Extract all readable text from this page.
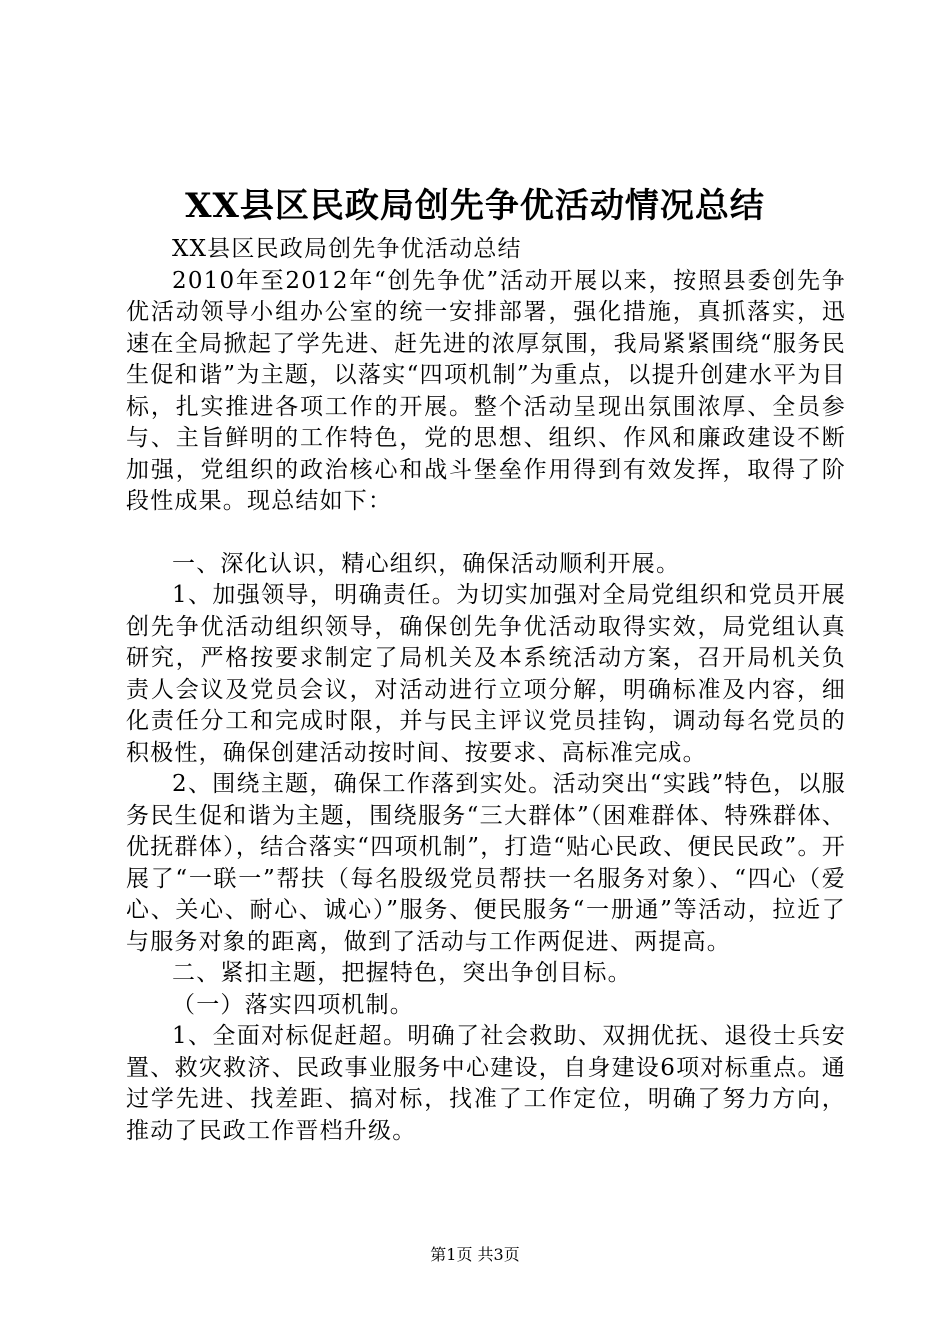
XX县区民政局创先争优活动情况总结

XX县区民政局创先争优活动总结

2010年至2012年“创先争优”活动开展以来，按照县委创先争优活动领导小组办公室的统一安排部署，强化措施，真抓落实，迅速在全局掀起了学先进、赶先进的浓厚氛围，我局紧紧围绕“服务民生促和谐”为主题，以落实“四项机制”为重点，以提升创建水平为目标，扎实推进各项工作的开展。整个活动呈现出氛围浓厚、全员参与、主旨鲜明的工作特色，党的思想、组织、作风和廉政建设不断加强，党组织的政治核心和战斗堡垒作用得到有效发挥，取得了阶段性成果。现总结如下：

一、深化认识，精心组织，确保活动顺利开展。

1、加强领导，明确责任。为切实加强对全局党组织和党员开展创先争优活动组织领导，确保创先争优活动取得实效，局党组认真研究，严格按要求制定了局机关及本系统活动方案，召开局机关负责人会议及党员会议，对活动进行立项分解，明确标准及内容，细化责任分工和完成时限，并与民主评议党员挂钩，调动每名党员的积极性，确保创建活动按时间、按要求、高标准完成。

2、围绕主题，确保工作落到实处。活动突出“实践”特色，以服务民生促和谐为主题，围绕服务“三大群体”（困难群体、特殊群体、优抚群体），结合落实“四项机制”，打造“贴心民政、便民民政”。开展了“一联一”帮扶（每名股级党员帮扶一名服务对象）、“四心（爱心、关心、耐心、诚心）”服务、便民服务“一册通”等活动，拉近了与服务对象的距离，做到了活动与工作两促进、两提高。

二、紧扣主题，把握特色，突出争创目标。

（一）落实四项机制。

1、全面对标促赶超。明确了社会救助、双拥优抚、退役士兵安置、救灾救济、民政事业服务中心建设，自身建设6项对标重点。通过学先进、找差距、搞对标，找准了工作定位，明确了努力方向，推动了民政工作晋档升级。

第1页 共3页
